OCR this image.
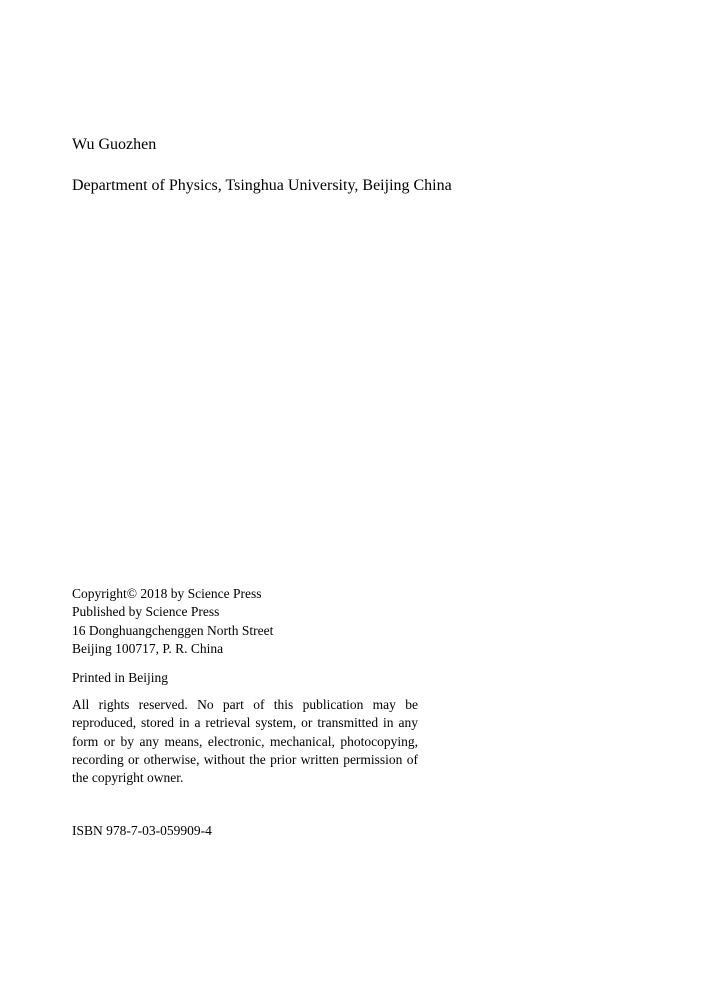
Wu Guozhen

Department of Physics, Tsinghua University, Beijing China

Copyright© 2018 by Science Press
Published by Science Press
16 Donghuangchenggen North Street
Beijing 100717, P. R. China

Printed in Beijing

All rights reserved. No part of this publication may be reproduced, stored in a retrieval system, or transmitted in any form or by any means, electronic, mechanical, photocopying, recording or otherwise, without the prior written permission of the copyright owner.

ISBN 978-7-03-059909-4
